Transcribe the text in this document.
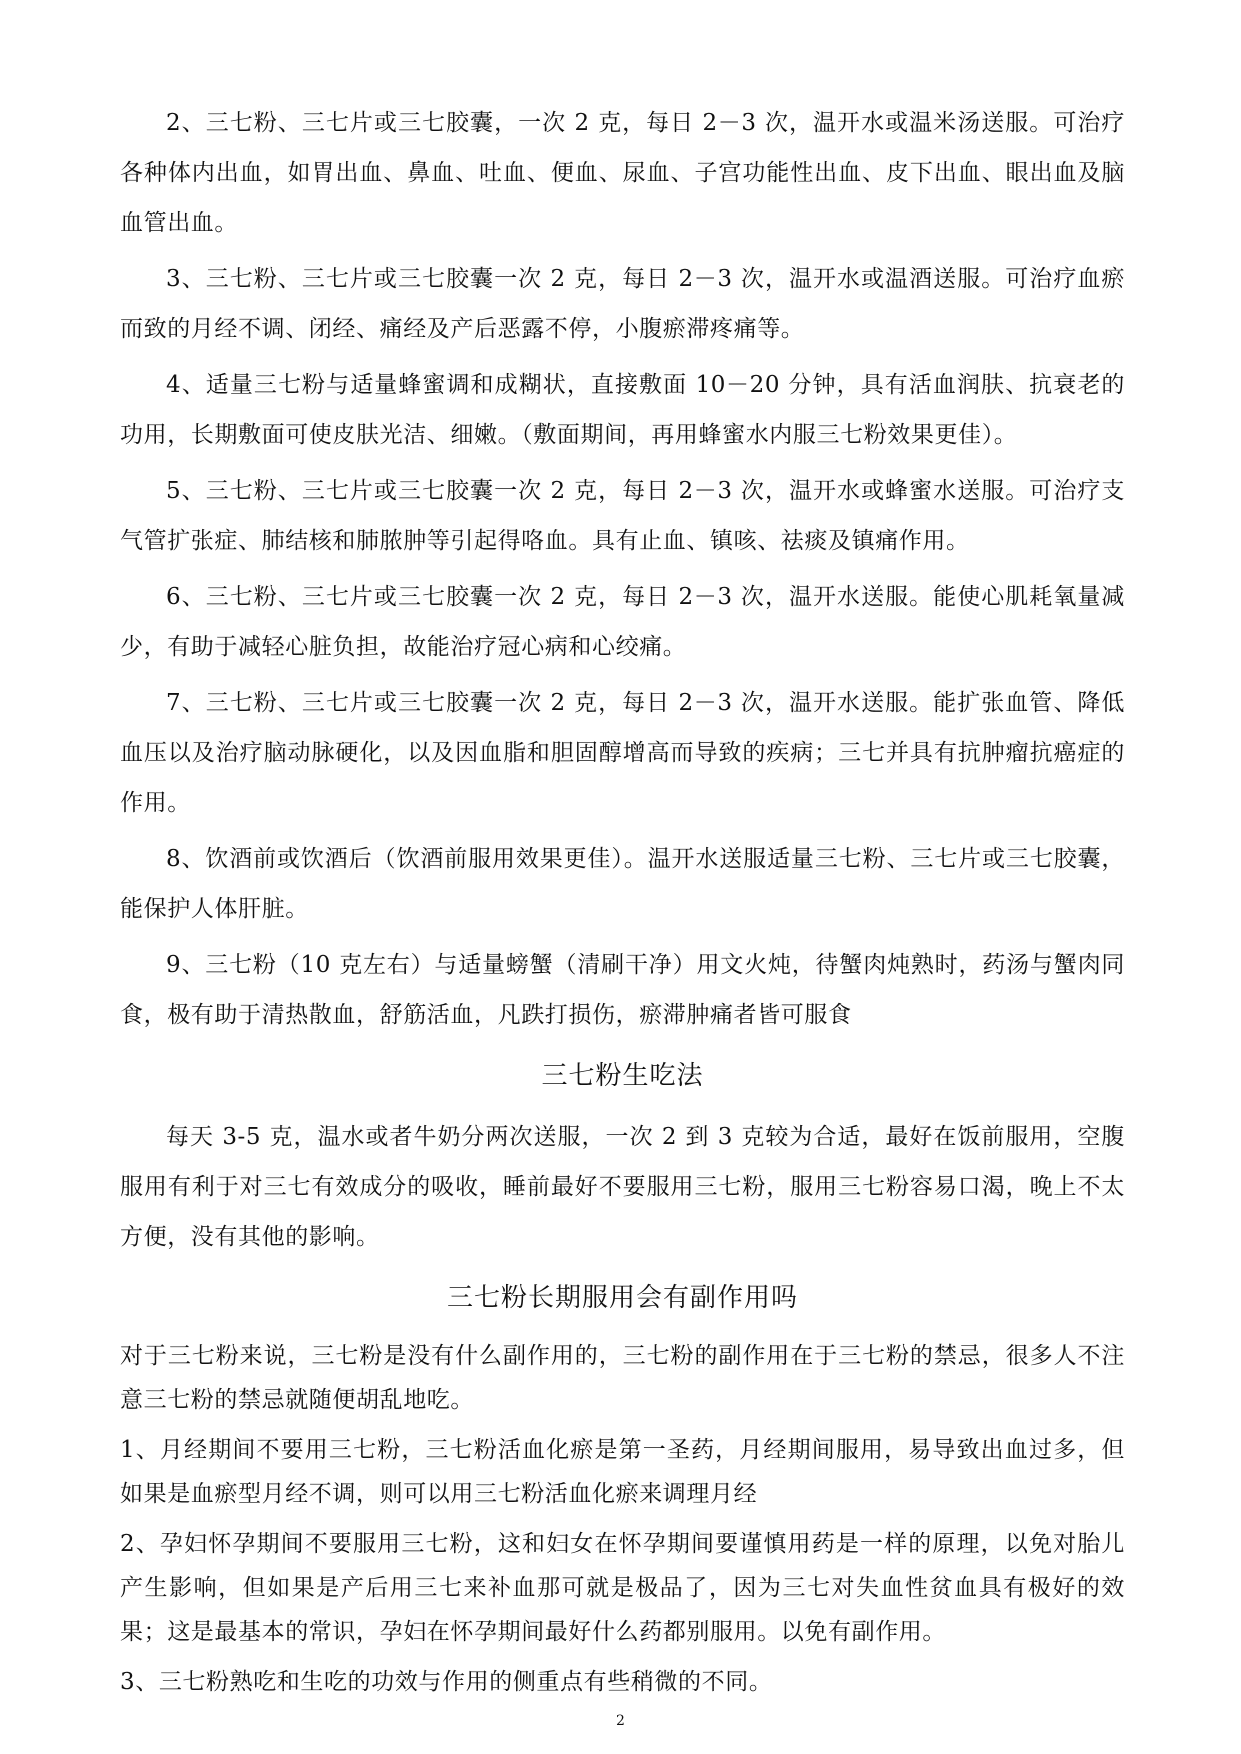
2、三七粉、三七片或三七胶囊，一次 2 克，每日 2－3 次，温开水或温米汤送服。可治疗各种体内出血，如胃出血、鼻血、吐血、便血、尿血、子宫功能性出血、皮下出血、眼出血及脑血管出血。

3、三七粉、三七片或三七胶囊一次 2 克，每日 2－3 次，温开水或温酒送服。可治疗血瘀而致的月经不调、闭经、痛经及产后恶露不停，小腹瘀滞疼痛等。

4、适量三七粉与适量蜂蜜调和成糊状，直接敷面 10－20 分钟，具有活血润肤、抗衰老的功用，长期敷面可使皮肤光洁、细嫩。（敷面期间，再用蜂蜜水内服三七粉效果更佳）。

5、三七粉、三七片或三七胶囊一次 2 克，每日 2－3 次，温开水或蜂蜜水送服。可治疗支气管扩张症、肺结核和肺脓肿等引起得咯血。具有止血、镇咳、祛痰及镇痛作用。

6、三七粉、三七片或三七胶囊一次 2 克，每日 2－3 次，温开水送服。能使心肌耗氧量减少，有助于减轻心脏负担，故能治疗冠心病和心绞痛。

7、三七粉、三七片或三七胶囊一次 2 克，每日 2－3 次，温开水送服。能扩张血管、降低血压以及治疗脑动脉硬化，以及因血脂和胆固醇增高而导致的疾病；三七并具有抗肿瘤抗癌症的作用。

8、饮酒前或饮酒后（饮酒前服用效果更佳）。温开水送服适量三七粉、三七片或三七胶囊，能保护人体肝脏。

9、三七粉（10 克左右）与适量螃蟹（清刷干净）用文火炖，待蟹肉炖熟时，药汤与蟹肉同食，极有助于清热散血，舒筋活血，凡跌打损伤，瘀滞肿痛者皆可服食

三七粉生吃法

每天 3-5 克，温水或者牛奶分两次送服，一次 2 到 3 克较为合适，最好在饭前服用，空腹服用有利于对三七有效成分的吸收，睡前最好不要服用三七粉，服用三七粉容易口渴，晚上不太方便，没有其他的影响。

三七粉长期服用会有副作用吗

对于三七粉来说，三七粉是没有什么副作用的，三七粉的副作用在于三七粉的禁忌，很多人不注意三七粉的禁忌就随便胡乱地吃。

1、月经期间不要用三七粉，三七粉活血化瘀是第一圣药，月经期间服用，易导致出血过多，但如果是血瘀型月经不调，则可以用三七粉活血化瘀来调理月经

2、孕妇怀孕期间不要服用三七粉，这和妇女在怀孕期间要谨慎用药是一样的原理，以免对胎儿产生影响，但如果是产后用三七来补血那可就是极品了，因为三七对失血性贫血具有极好的效果；这是最基本的常识，孕妇在怀孕期间最好什么药都别服用。以免有副作用。

3、三七粉熟吃和生吃的功效与作用的侧重点有些稍微的不同。

2
